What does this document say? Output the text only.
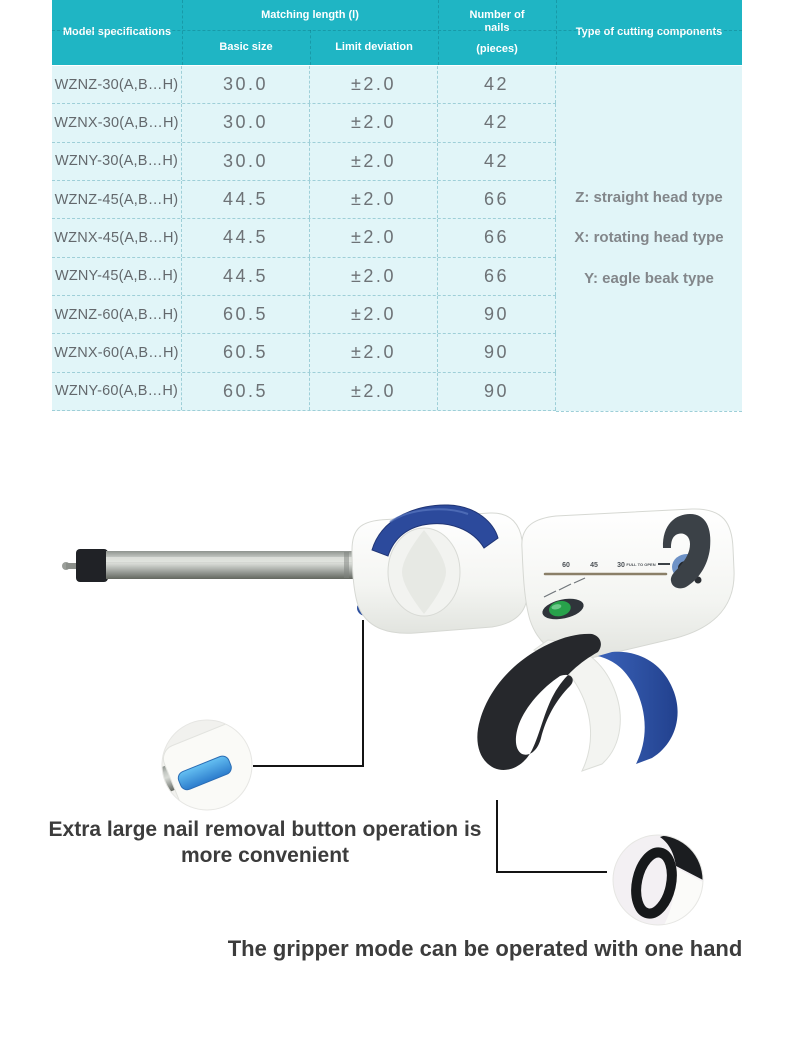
Model specifications
Matching length (l)
Basic size	Limit deviation
Number of nails
(pieces)
Type of cutting components
WZNZ-30(A,B…H)	30.0	±2.0	42
WZNX-30(A,B…H)	30.0	±2.0	42
WZNY-30(A,B…H)	30.0	±2.0	42
WZNZ-45(A,B…H)	44.5	±2.0	66
WZNX-45(A,B…H)	44.5	±2.0	66
WZNY-45(A,B…H)	44.5	±2.0	66
WZNZ-60(A,B…H)	60.5	±2.0	90
WZNX-60(A,B…H)	60.5	±2.0	90
WZNY-60(A,B…H)	60.5	±2.0	90
Z: straight head type
X: rotating head type
Y: eagle beak type
60	45	30 FULL TO OPEN
Extra large nail removal button operation is
more convenient
The gripper mode can be operated with one hand
